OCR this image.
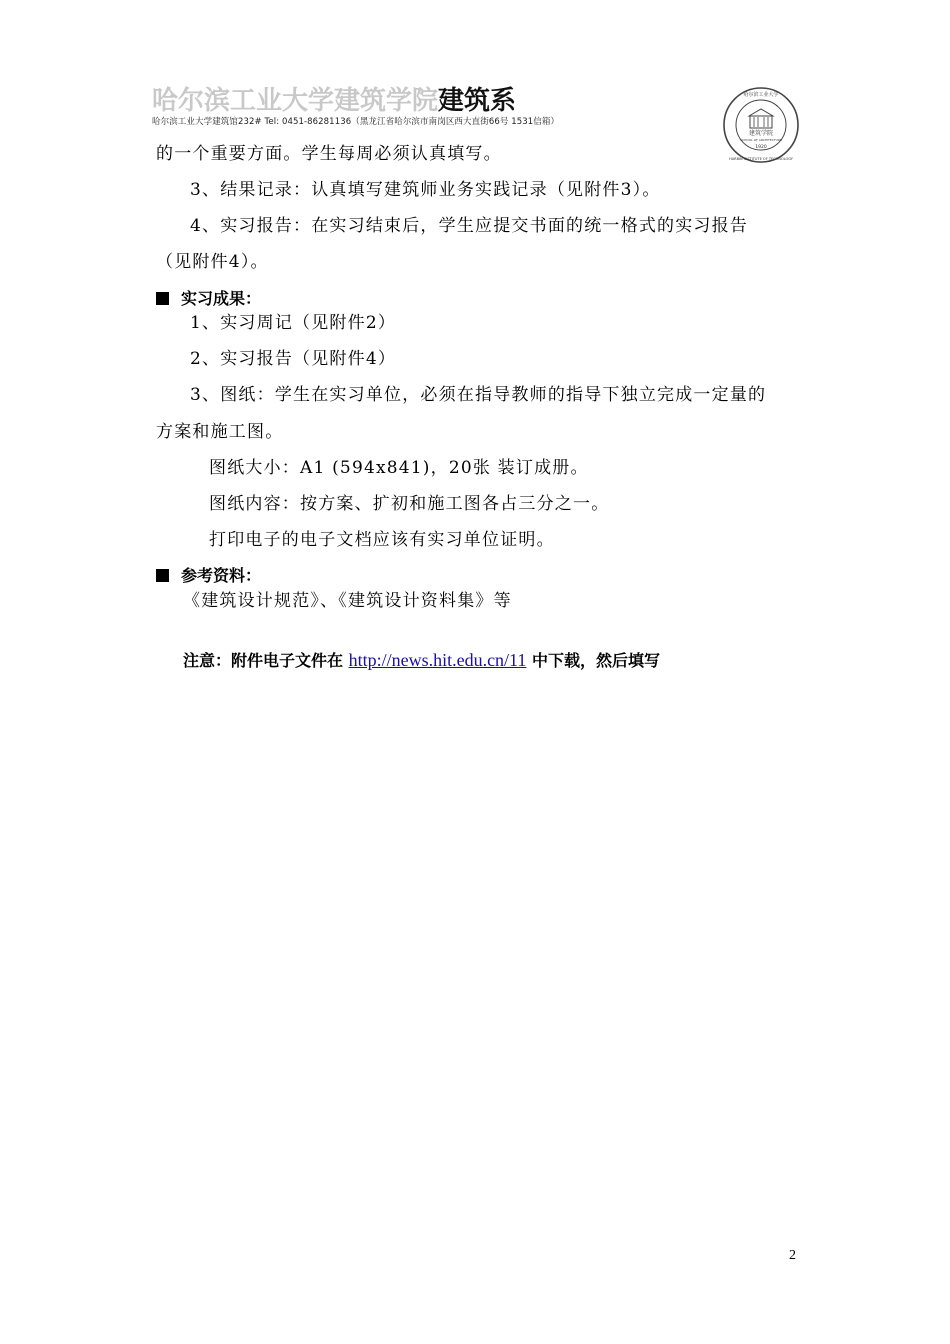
哈尔滨工业大学建筑学院建筑系
哈尔滨工业大学建筑馆232# Tel: 0451-86281136（黑龙江省哈尔滨市南岗区西大直街66号 1531信箱）
建筑学院
SCHOOL OF ARCHITECTURE
1920
哈尔滨工业大学
HARBIN INSTITUTE OF TECHNOLOGY
的一个重要方面。学生每周必须认真填写。
3、结果记录：认真填写建筑师业务实践记录（见附件3）。
4、实习报告：在实习结束后，学生应提交书面的统一格式的实习报告
（见附件4）。
实习成果：
1、实习周记（见附件2）
2、实习报告（见附件4）
3、图纸：学生在实习单位，必须在指导教师的指导下独立完成一定量的
方案和施工图。
图纸大小：A1 (594x841)，20张 装订成册。
图纸内容：按方案、扩初和施工图各占三分之一。
打印电子的电子文档应该有实习单位证明。
参考资料：
《建筑设计规范》、《建筑设计资料集》等
注意：附件电子文件在 http://news.hit.edu.cn/11 中下载，然后填写
2
